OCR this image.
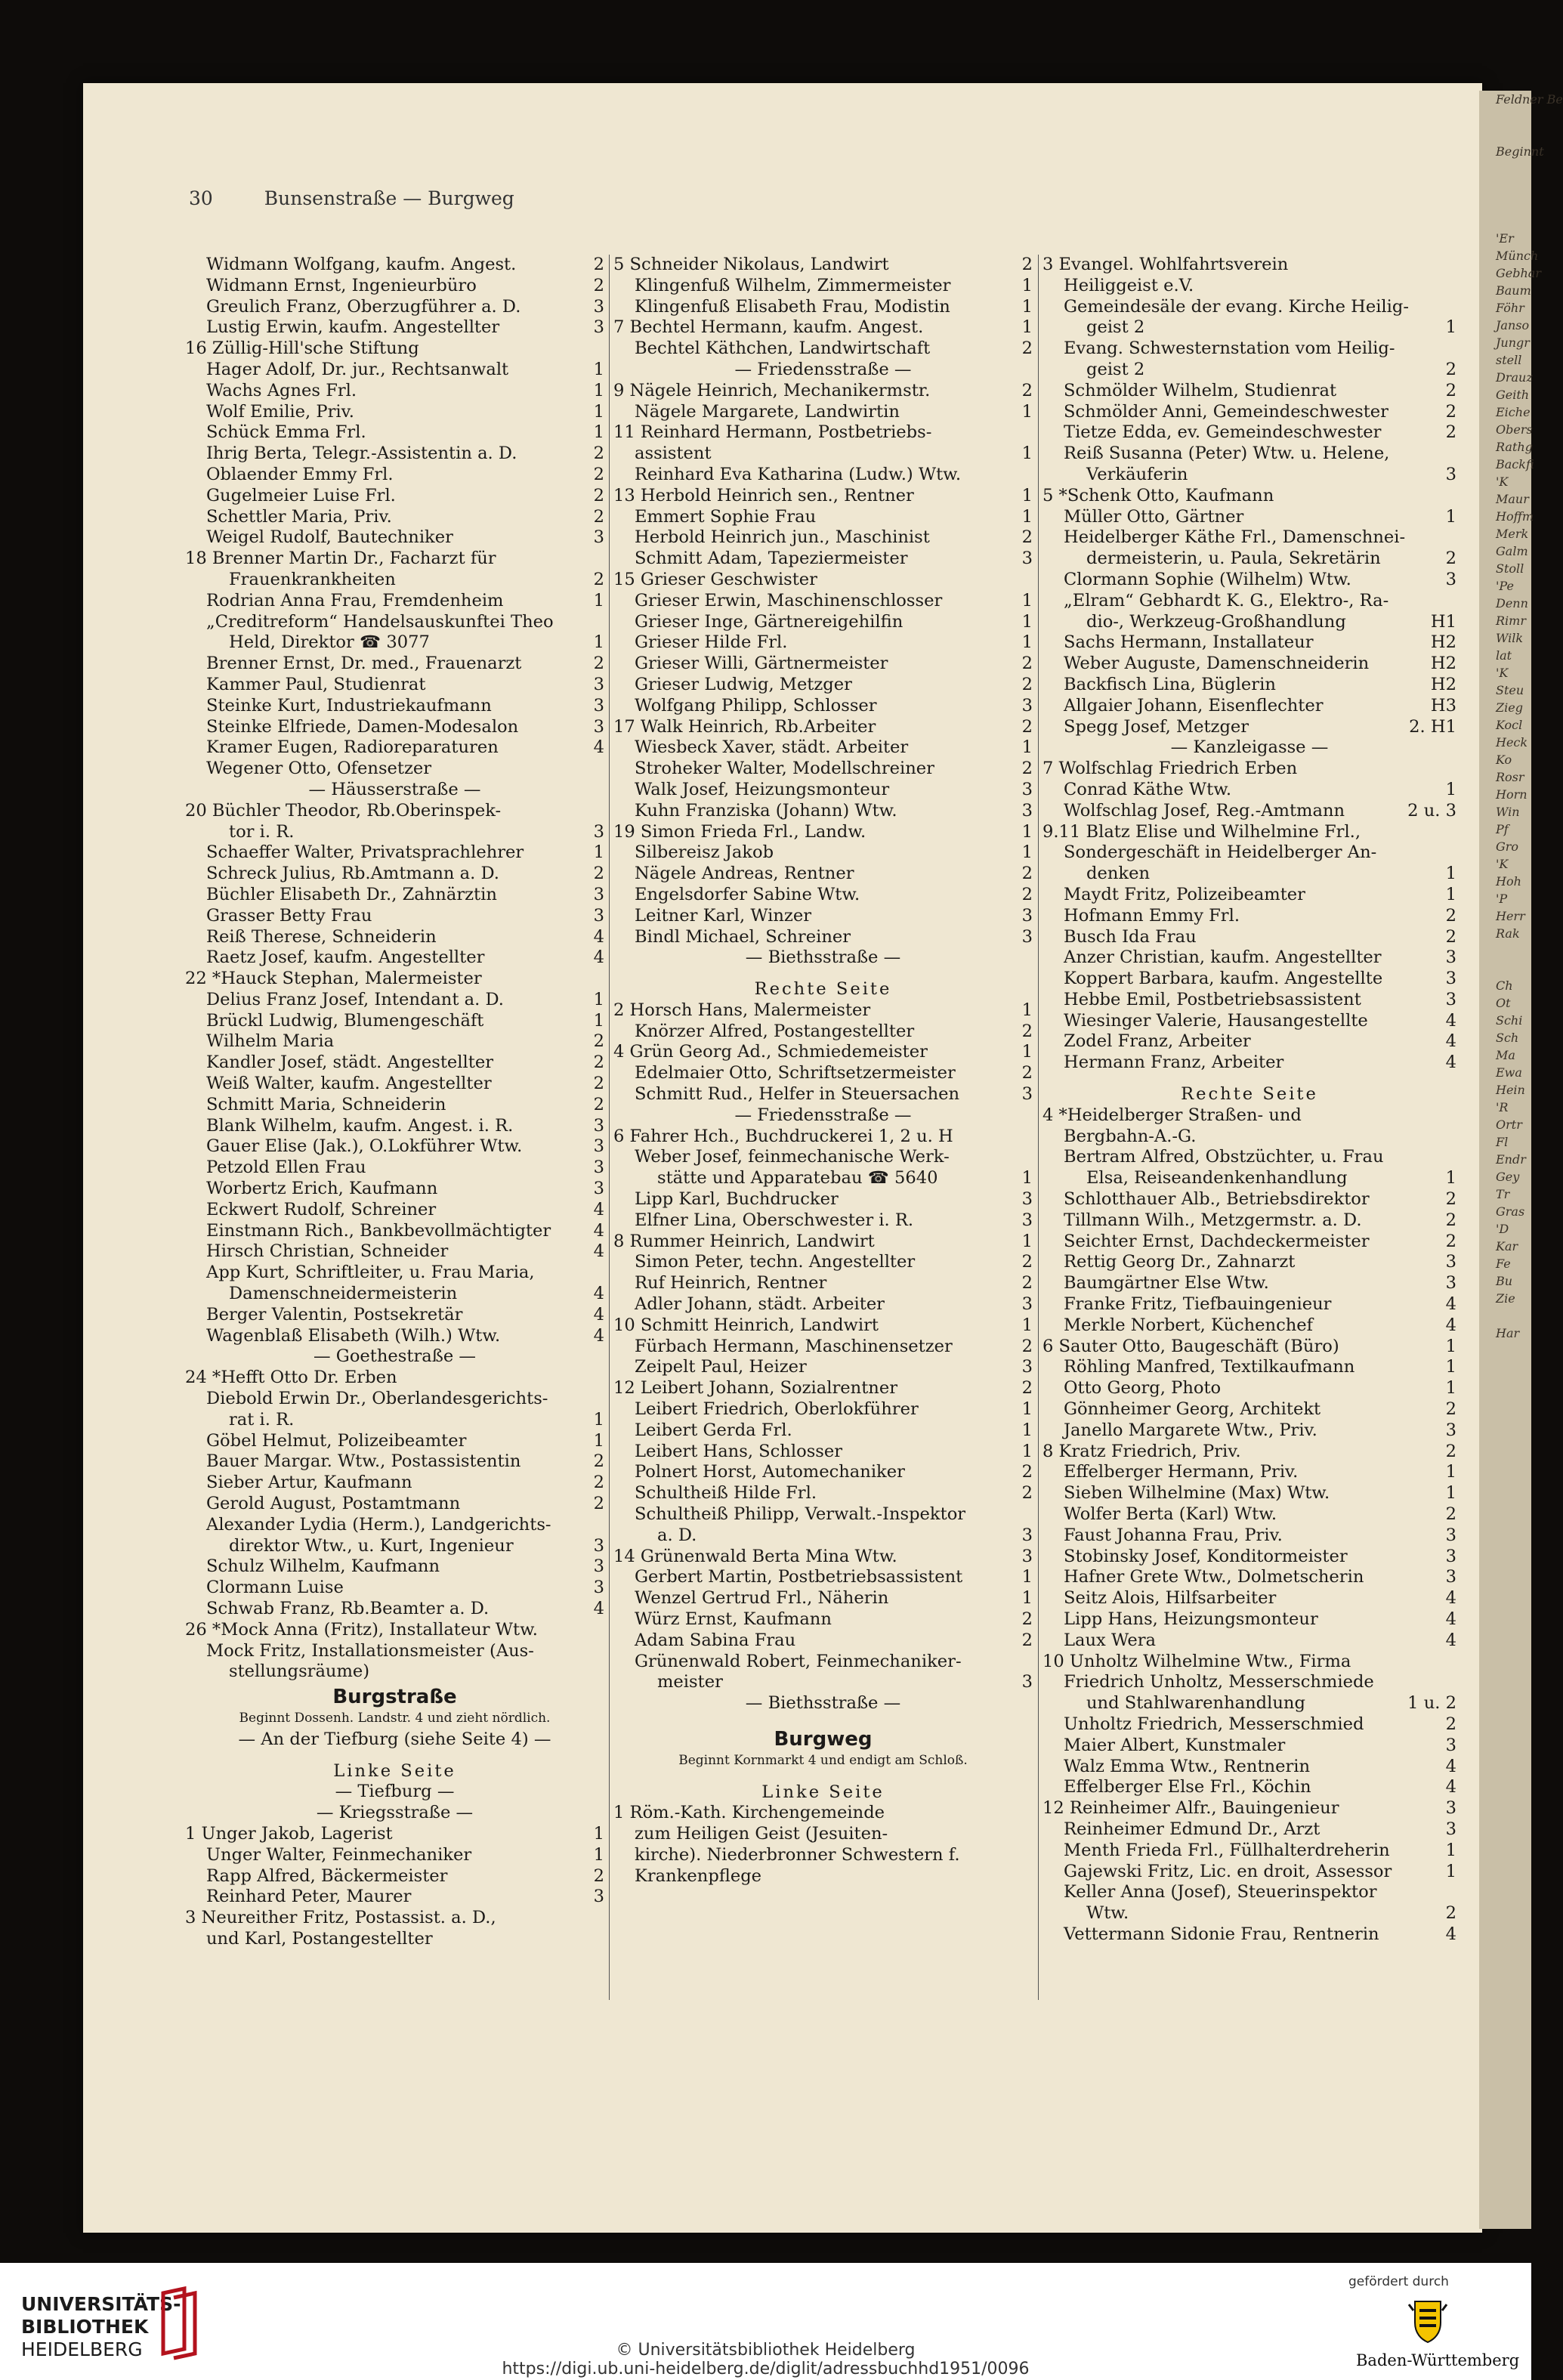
Feldner Be

Beginnt

'Er
Münch
Gebhar
Baum
Föhr
Janso
Jungr
stell
Drauz
Geith
Eiche
Obers
Rathg
Backfi
'K
Maur
Hoffm
Merk
Galm
Stoll
'Pe
Denn
Rimr
Wilk
lat
'K
Steu
Zieg
Kocl
Heck
Ko
Rosr
Horn
Win
Pf
Gro
'K
Hoh
'P
Herr
Rak

Ch
Ot
Schi
Sch
Ma
Ewa
Hein
'R
Ortr
Fl
Endr
Gey
Tr
Gras
'D
Kar
Fe
Bu
Zie

Har
30	Bunsenstraße — Burgweg
Widmann Wolfgang, kaufm. Angest.	2
Widmann Ernst, Ingenieurbüro	2
Greulich Franz, Oberzugführer a. D.	3
Lustig Erwin, kaufm. Angestellter	3
16 Züllig-Hill'sche Stiftung
Hager Adolf, Dr. jur., Rechtsanwalt	1
Wachs Agnes Frl.	1
Wolf Emilie, Priv.	1
Schück Emma Frl.	1
Ihrig Berta, Telegr.-Assistentin a. D.	2
Oblaender Emmy Frl.	2
Gugelmeier Luise Frl.	2
Schettler Maria, Priv.	2
Weigel Rudolf, Bautechniker	3
18 Brenner Martin Dr., Facharzt für
Frauenkrankheiten	2
Rodrian Anna Frau, Fremdenheim	1
„Creditreform“ Handelsauskunftei Theo
Held, Direktor ☎ 3077	1
Brenner Ernst, Dr. med., Frauenarzt	2
Kammer Paul, Studienrat	3
Steinke Kurt, Industriekaufmann	3
Steinke Elfriede, Damen-Modesalon	3
Kramer Eugen, Radioreparaturen	4
Wegener Otto, Ofensetzer
— Häusserstraße —
20 Büchler Theodor, Rb.Oberinspek-
tor i. R.	3
Schaeffer Walter, Privatsprachlehrer	1
Schreck Julius, Rb.Amtmann a. D.	2
Büchler Elisabeth Dr., Zahnärztin	3
Grasser Betty Frau	3
Reiß Therese, Schneiderin	4
Raetz Josef, kaufm. Angestellter	4
22 *Hauck Stephan, Malermeister
Delius Franz Josef, Intendant a. D.	1
Brückl Ludwig, Blumengeschäft	1
Wilhelm Maria	2
Kandler Josef, städt. Angestellter	2
Weiß Walter, kaufm. Angestellter	2
Schmitt Maria, Schneiderin	2
Blank Wilhelm, kaufm. Angest. i. R.	3
Gauer Elise (Jak.), O.Lokführer Wtw.	3
Petzold Ellen Frau	3
Worbertz Erich, Kaufmann	3
Eckwert Rudolf, Schreiner	4
Einstmann Rich., Bankbevollmächtigter 4
Hirsch Christian, Schneider	4
App Kurt, Schriftleiter, u. Frau Maria,
Damenschneidermeisterin	4
Berger Valentin, Postsekretär	4
Wagenblaß Elisabeth (Wilh.) Wtw.	4
— Goethestraße —
24 *Hefft Otto Dr. Erben
Diebold Erwin Dr., Oberlandesgerichts-
rat i. R.	1
Göbel Helmut, Polizeibeamter	1
Bauer Margar. Wtw., Postassistentin	2
Sieber Artur, Kaufmann	2
Gerold August, Postamtmann	2
Alexander Lydia (Herm.), Landgerichts-
direktor Wtw., u. Kurt, Ingenieur	3
Schulz Wilhelm, Kaufmann	3
Clormann Luise	3
Schwab Franz, Rb.Beamter a. D.	4
26 *Mock Anna (Fritz), Installateur Wtw.
Mock Fritz, Installationsmeister (Aus-
stellungsräume)
Burgstraße
Beginnt Dossenh. Landstr. 4 und zieht nördlich.
— An der Tiefburg (siehe Seite 4) —
Linke Seite
— Tiefburg —
— Kriegsstraße —
1 Unger Jakob, Lagerist	1
Unger Walter, Feinmechaniker	1
Rapp Alfred, Bäckermeister	2
Reinhard Peter, Maurer	3
3 Neureither Fritz, Postassist. a. D.,
und Karl, Postangestellter
5 Schneider Nikolaus, Landwirt	2
Klingenfuß Wilhelm, Zimmermeister	1
Klingenfuß Elisabeth Frau, Modistin	1
7 Bechtel Hermann, kaufm. Angest.	1
Bechtel Käthchen, Landwirtschaft	2
— Friedensstraße —
9 Nägele Heinrich, Mechanikermstr.	2
Nägele Margarete, Landwirtin	1
11 Reinhard Hermann, Postbetriebs-
assistent	1
Reinhard Eva Katharina (Ludw.) Wtw.
13 Herbold Heinrich sen., Rentner	1
Emmert Sophie Frau	1
Herbold Heinrich jun., Maschinist	2
Schmitt Adam, Tapeziermeister	3
15 Grieser Geschwister
Grieser Erwin, Maschinenschlosser	1
Grieser Inge, Gärtnereigehilfin	1
Grieser Hilde Frl.	1
Grieser Willi, Gärtnermeister	2
Grieser Ludwig, Metzger	2
Wolfgang Philipp, Schlosser	3
17 Walk Heinrich, Rb.Arbeiter	2
Wiesbeck Xaver, städt. Arbeiter	1
Stroheker Walter, Modellschreiner	2
Walk Josef, Heizungsmonteur	3
Kuhn Franziska (Johann) Wtw.	3
19 Simon Frieda Frl., Landw.	1
Silbereisz Jakob	1
Nägele Andreas, Rentner	2
Engelsdorfer Sabine Wtw.	2
Leitner Karl, Winzer	3
Bindl Michael, Schreiner	3
— Biethsstraße —
Rechte Seite
2 Horsch Hans, Malermeister	1
Knörzer Alfred, Postangestellter	2
4 Grün Georg Ad., Schmiedemeister	1
Edelmaier Otto, Schriftsetzermeister	2
Schmitt Rud., Helfer in Steuersachen	3
— Friedensstraße —
6 Fahrer Hch., Buchdruckerei 1, 2 u. H
Weber Josef, feinmechanische Werk-
stätte und Apparatebau ☎ 5640	1
Lipp Karl, Buchdrucker	3
Elfner Lina, Oberschwester i. R.	3
8 Rummer Heinrich, Landwirt	1
Simon Peter, techn. Angestellter	2
Ruf Heinrich, Rentner	2
Adler Johann, städt. Arbeiter	3
10 Schmitt Heinrich, Landwirt	1
Fürbach Hermann, Maschinensetzer	2
Zeipelt Paul, Heizer	3
12 Leibert Johann, Sozialrentner	2
Leibert Friedrich, Oberlokführer	1
Leibert Gerda Frl.	1
Leibert Hans, Schlosser	1
Polnert Horst, Automechaniker	2
Schultheiß Hilde Frl.	2
Schultheiß Philipp, Verwalt.-Inspektor
a. D.	3
14 Grünenwald Berta Mina Wtw.	3
Gerbert Martin, Postbetriebsassistent	1
Wenzel Gertrud Frl., Näherin	1
Würz Ernst, Kaufmann	2
Adam Sabina Frau	2
Grünenwald Robert, Feinmechaniker-
meister	3
— Biethsstraße —
Burgweg
Beginnt Kornmarkt 4 und endigt am Schloß.
Linke Seite
1 Röm.-Kath. Kirchengemeinde
zum Heiligen Geist (Jesuiten-
kirche). Niederbronner Schwestern f.
Krankenpflege
3 Evangel. Wohlfahrtsverein
Heiliggeist e.V.
Gemeindesäle der evang. Kirche Heilig-
geist 2	1
Evang. Schwesternstation vom Heilig-
geist 2	2
Schmölder Wilhelm, Studienrat	2
Schmölder Anni, Gemeindeschwester	2
Tietze Edda, ev. Gemeindeschwester	2
Reiß Susanna (Peter) Wtw. u. Helene,
Verkäuferin	3
5 *Schenk Otto, Kaufmann
Müller Otto, Gärtner	1
Heidelberger Käthe Frl., Damenschnei-
dermeisterin, u. Paula, Sekretärin	2
Clormann Sophie (Wilhelm) Wtw.	3
„Elram“ Gebhardt K. G., Elektro-, Ra-
dio-, Werkzeug-Großhandlung	H1
Sachs Hermann, Installateur	H2
Weber Auguste, Damenschneiderin	H2
Backfisch Lina, Büglerin	H2
Allgaier Johann, Eisenflechter	H3
Spegg Josef, Metzger	2. H1
— Kanzleigasse —
7 Wolfschlag Friedrich Erben
Conrad Käthe Wtw.	1
Wolfschlag Josef, Reg.-Amtmann	2 u. 3
9.11 Blatz Elise und Wilhelmine Frl.,
Sondergeschäft in Heidelberger An-
denken	1
Maydt Fritz, Polizeibeamter	1
Hofmann Emmy Frl.	2
Busch Ida Frau	2
Anzer Christian, kaufm. Angestellter	3
Koppert Barbara, kaufm. Angestellte	3
Hebbe Emil, Postbetriebsassistent	3
Wiesinger Valerie, Hausangestellte	4
Zodel Franz, Arbeiter	4
Hermann Franz, Arbeiter	4
Rechte Seite
4 *Heidelberger Straßen- und
Bergbahn-A.-G.
Bertram Alfred, Obstzüchter, u. Frau
Elsa, Reiseandenkenhandlung	1
Schlotthauer Alb., Betriebsdirektor	2
Tillmann Wilh., Metzgermstr. a. D.	2
Seichter Ernst, Dachdeckermeister	2
Rettig Georg Dr., Zahnarzt	3
Baumgärtner Else Wtw.	3
Franke Fritz, Tiefbauingenieur	4
Merkle Norbert, Küchenchef	4
6 Sauter Otto, Baugeschäft (Büro)	1
Röhling Manfred, Textilkaufmann	1
Otto Georg, Photo	1
Gönnheimer Georg, Architekt	2
Janello Margarete Wtw., Priv.	3
8 Kratz Friedrich, Priv.	2
Effelberger Hermann, Priv.	1
Sieben Wilhelmine (Max) Wtw.	1
Wolfer Berta (Karl) Wtw.	2
Faust Johanna Frau, Priv.	3
Stobinsky Josef, Konditormeister	3
Hafner Grete Wtw., Dolmetscherin	3
Seitz Alois, Hilfsarbeiter	4
Lipp Hans, Heizungsmonteur	4
Laux Wera	4
10 Unholtz Wilhelmine Wtw., Firma
Friedrich Unholtz, Messerschmiede
und Stahlwarenhandlung	1 u. 2
Unholtz Friedrich, Messerschmied	2
Maier Albert, Kunstmaler	3
Walz Emma Wtw., Rentnerin	4
Effelberger Else Frl., Köchin	4
12 Reinheimer Alfr., Bauingenieur	3
Reinheimer Edmund Dr., Arzt	3
Menth Frieda Frl., Füllhalterdreherin	1
Gajewski Fritz, Lic. en droit, Assessor	1
Keller Anna (Josef), Steuerinspektor
Wtw.	2
Vettermann Sidonie Frau, Rentnerin	4
UNIVERSITÄTS-
BIBLIOTHEK
HEIDELBERG	© Universitätsbibliothek Heidelberg
https://digi.ub.uni-heidelberg.de/diglit/adressbuchhd1951/0096
gefördert durch
Baden-Württemberg
